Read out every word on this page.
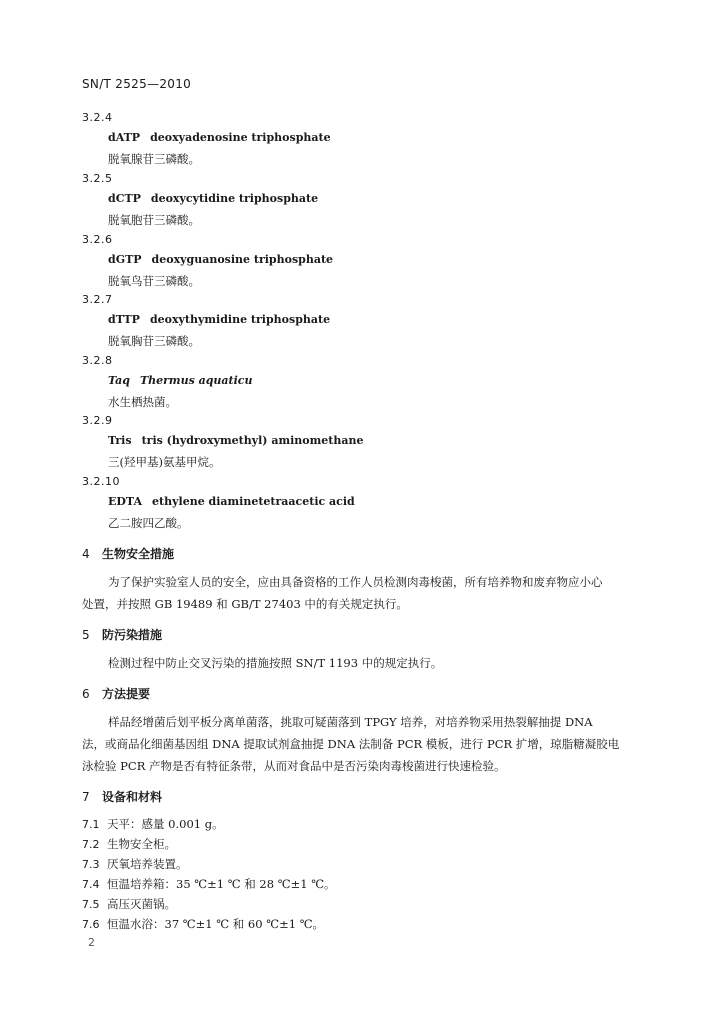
SN/T 2525—2010
3.2.4
dATP deoxyadenosine triphosphate
脱氧腺苷三磷酸。
3.2.5
dCTP deoxycytidine triphosphate
脱氧胞苷三磷酸。
3.2.6
dGTP deoxyguanosine triphosphate
脱氧鸟苷三磷酸。
3.2.7
dTTP deoxythymidine triphosphate
脱氧胸苷三磷酸。
3.2.8
Taq Thermus aquaticu
水生栖热菌。
3.2.9
Tris tris (hydroxymethyl) aminomethane
三(羟甲基)氨基甲烷。
3.2.10
EDTA ethylene diaminetetraacetic acid
乙二胺四乙酸。
4 生物安全措施
为了保护实验室人员的安全，应由具备资格的工作人员检测肉毒梭菌，所有培养物和废弃物应小心
处置，并按照 GB 19489 和 GB/T 27403 中的有关规定执行。
5 防污染措施
检测过程中防止交叉污染的措施按照 SN/T 1193 中的规定执行。
6 方法提要
样品经增菌后划平板分离单菌落，挑取可疑菌落到 TPGY 培养，对培养物采用热裂解抽提 DNA
法，或商品化细菌基因组 DNA 提取试剂盒抽提 DNA 法制备 PCR 模板，进行 PCR 扩增，琼脂糖凝胶电
泳检验 PCR 产物是否有特征条带，从而对食品中是否污染肉毒梭菌进行快速检验。
7 设备和材料
7.1 天平：感量 0.001 g。
7.2 生物安全柜。
7.3 厌氧培养装置。
7.4 恒温培养箱：35 ℃±1 ℃ 和 28 ℃±1 ℃。
7.5 高压灭菌锅。
7.6 恒温水浴：37 ℃±1 ℃ 和 60 ℃±1 ℃。
2
